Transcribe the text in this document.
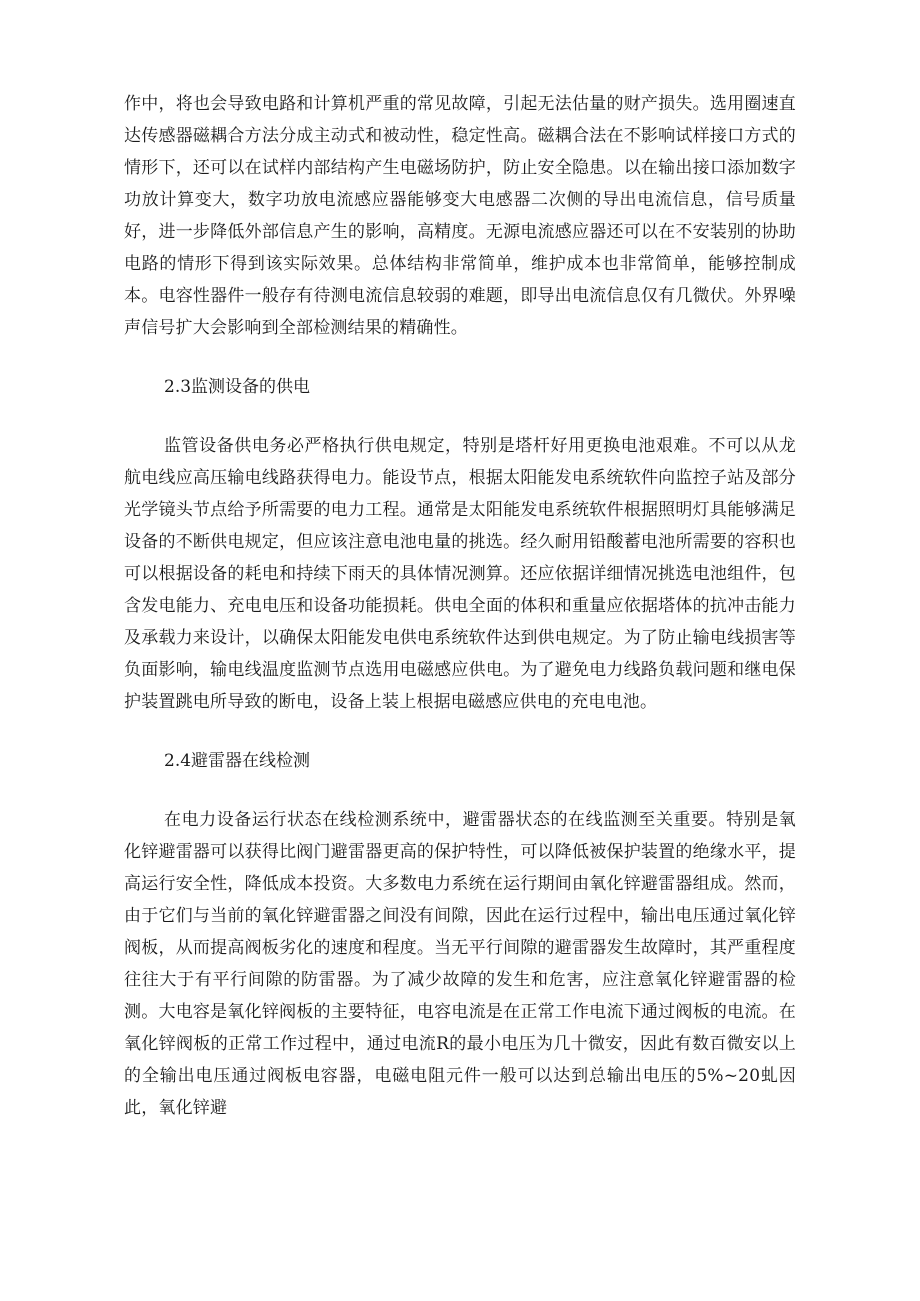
作中，将也会导致电路和计算机严重的常见故障，引起无法估量的财产损失。选用圈速直达传感器磁耦合方法分成主动式和被动性，稳定性高。磁耦合法在不影响试样接口方式的情形下，还可以在试样内部结构产生电磁场防护，防止安全隐患。以在输出接口添加数字功放计算变大，数字功放电流感应器能够变大电感器二次侧的导出电流信息，信号质量好，进一步降低外部信息产生的影响，高精度。无源电流感应器还可以在不安装别的协助电路的情形下得到该实际效果。总体结构非常简单，维护成本也非常简单，能够控制成本。电容性器件一般存有待测电流信息较弱的难题，即导出电流信息仅有几微伏。外界噪声信号扩大会影响到全部检测结果的精确性。

2.3监测设备的供电

监管设备供电务必严格执行供电规定，特别是塔杆好用更换电池艰难。不可以从龙航电线应高压输电线路获得电力。能设节点，根据太阳能发电系统软件向监控子站及部分光学镜头节点给予所需要的电力工程。通常是太阳能发电系统软件根据照明灯具能够满足设备的不断供电规定，但应该注意电池电量的挑选。经久耐用铅酸蓄电池所需要的容积也可以根据设备的耗电和持续下雨天的具体情况测算。还应依据详细情况挑选电池组件，包含发电能力、充电电压和设备功能损耗。供电全面的体积和重量应依据塔体的抗冲击能力及承载力来设计，以确保太阳能发电供电系统软件达到供电规定。为了防止输电线损害等负面影响，输电线温度监测节点选用电磁感应供电。为了避免电力线路负载问题和继电保护装置跳电所导致的断电，设备上装上根据电磁感应供电的充电电池。

2.4避雷器在线检测

在电力设备运行状态在线检测系统中，避雷器状态的在线监测至关重要。特别是氧化锌避雷器可以获得比阀门避雷器更高的保护特性，可以降低被保护装置的绝缘水平，提高运行安全性，降低成本投资。大多数电力系统在运行期间由氧化锌避雷器组成。然而，由于它们与当前的氧化锌避雷器之间没有间隙，因此在运行过程中，输出电压通过氧化锌阀板，从而提高阀板劣化的速度和程度。当无平行间隙的避雷器发生故障时，其严重程度往往大于有平行间隙的防雷器。为了减少故障的发生和危害，应注意氧化锌避雷器的检测。大电容是氧化锌阀板的主要特征，电容电流是在正常工作电流下通过阀板的电流。在氧化锌阀板的正常工作过程中，通过电流R的最小电压为几十微安，因此有数百微安以上的全输出电压通过阀板电容器，电磁电阻元件一般可以达到总输出电压的5%~20虬因此，氧化锌避
